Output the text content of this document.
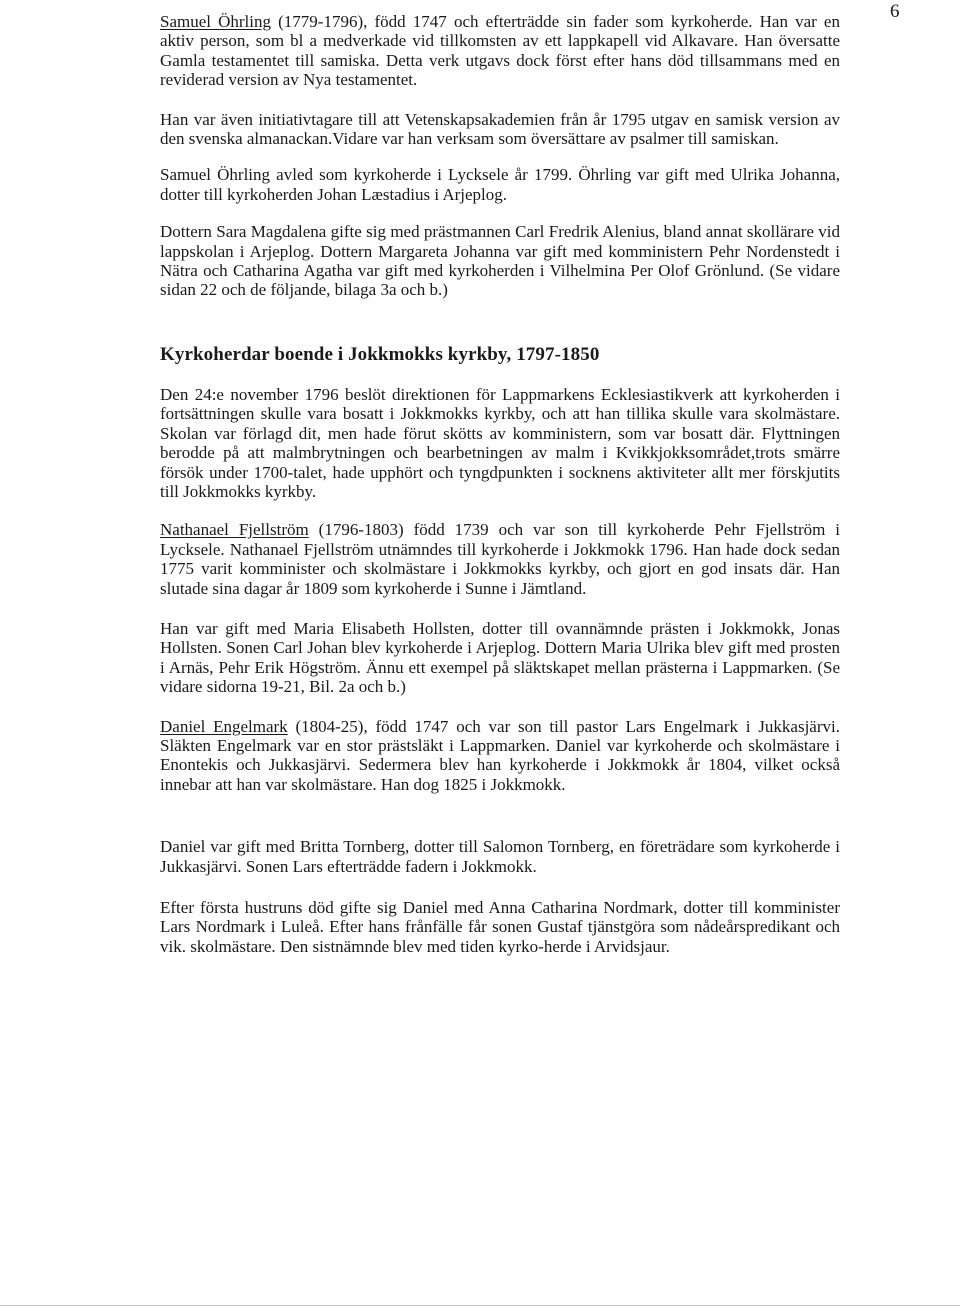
6

Samuel Öhrling (1779-1796), född 1747 och efterträdde sin fader som kyrkoherde. Han var en aktiv person, som bl a medverkade vid tillkomsten av ett lappkapell vid Alkavare. Han översatte Gamla testamentet till samiska. Detta verk utgavs dock först efter hans död tillsammans med en reviderad version av Nya testamentet.

Han var även initiativtagare till att Vetenskapsakademien från år 1795 utgav en samisk version av den svenska almanackan.Vidare var han verksam som översättare av psalmer till samiskan.

Samuel Öhrling avled som kyrkoherde i Lycksele år 1799. Öhrling var gift med Ulrika Johanna, dotter till kyrkoherden Johan Læstadius i Arjeplog.

Dottern Sara Magdalena gifte sig med prästmannen Carl Fredrik Alenius, bland annat skollärare vid lappskolan i Arjeplog. Dottern Margareta Johanna var gift med komministern Pehr Nordenstedt i Nätra och Catharina Agatha var gift med kyrkoherden i Vilhelmina Per Olof Grönlund. (Se vidare sidan 22 och de följande, bilaga 3a och b.)

Kyrkoherdar boende i Jokkmokks kyrkby, 1797-1850

Den 24:e november 1796 beslöt direktionen för Lappmarkens Ecklesiastikverk att kyrkoherden i fortsättningen skulle vara bosatt i Jokkmokks kyrkby, och att han tillika skulle vara skolmästare. Skolan var förlagd dit, men hade förut skötts av komministern, som var bosatt där. Flyttningen berodde på att malmbrytningen och bearbetningen av malm i Kvikkjokksområdet,trots smärre försök under 1700-talet, hade upphört och tyngdpunkten i socknens aktiviteter allt mer förskjutits till Jokkmokks kyrkby.

Nathanael Fjellström (1796-1803) född 1739 och var son till kyrkoherde Pehr Fjellström i Lycksele. Nathanael Fjellström utnämndes till kyrkoherde i Jokkmokk 1796. Han hade dock sedan 1775 varit komminister och skolmästare i Jokkmokks kyrkby, och gjort en god insats där. Han slutade sina dagar år 1809 som kyrkoherde i Sunne i Jämtland.

Han var gift med Maria Elisabeth Hollsten, dotter till ovannämnde prästen i Jokkmokk, Jonas Hollsten. Sonen Carl Johan blev kyrkoherde i Arjeplog. Dottern Maria Ulrika blev gift med prosten i Arnäs, Pehr Erik Högström. Ännu ett exempel på släktskapet mellan prästerna i Lappmarken. (Se vidare sidorna 19-21, Bil. 2a och b.)

Daniel Engelmark (1804-25), född 1747 och var son till pastor Lars Engelmark i Jukkasjärvi. Släkten Engelmark var en stor prästsläkt i Lappmarken. Daniel var kyrkoherde och skolmästare i Enontekis och Jukkasjärvi. Sedermera blev han kyrkoherde i Jokkmokk år 1804, vilket också innebar att han var skolmästare. Han dog 1825 i Jokkmokk.

Daniel var gift med Britta Tornberg, dotter till Salomon Tornberg, en företrädare som kyrkoherde i Jukkasjärvi. Sonen Lars efterträdde fadern i Jokkmokk.

Efter första hustruns död gifte sig Daniel med Anna Catharina Nordmark, dotter till komminister Lars Nordmark i Luleå. Efter hans frånfälle får sonen Gustaf tjänstgöra som nådeårspredikant och vik. skolmästare. Den sistnämnde blev med tiden kyrko-herde i Arvidsjaur.
